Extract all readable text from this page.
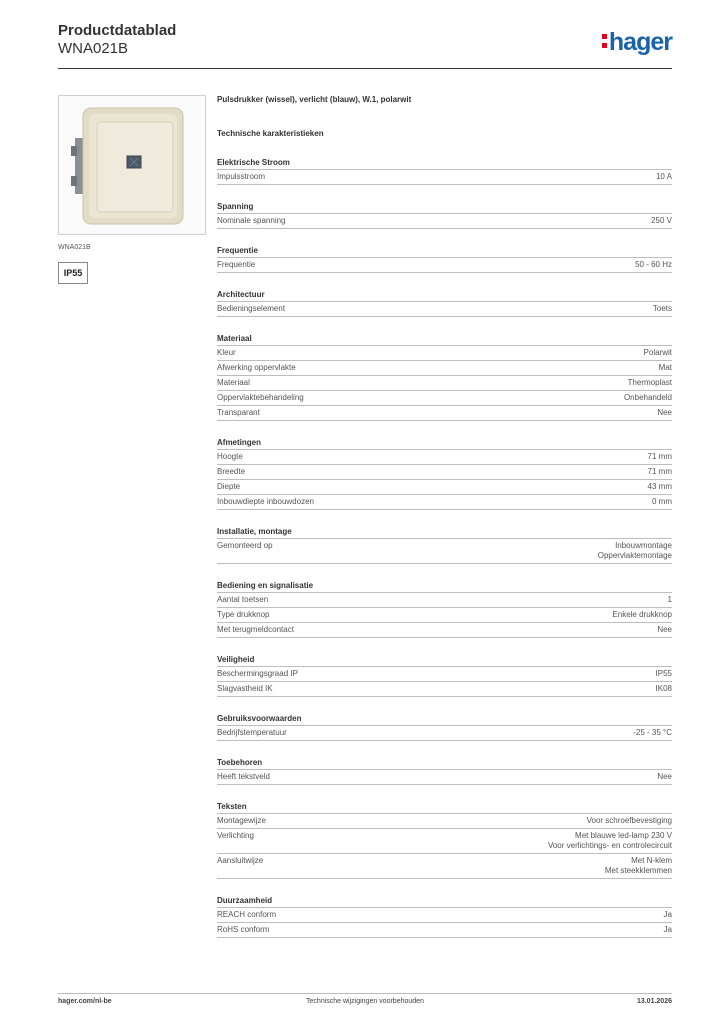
Productdatablad
WNA021B	hager
WNA021B
IP55
Pulsdrukker (wissel), verlicht (blauw), W.1, polarwit
Technische karakteristieken
Elektrische Stroom
Impulsstroom	10 A
Spanning
Nominale spanning	250 V
Frequentie
Frequentie	50 - 60 Hz
Architectuur
Bedieningselement	Toets
Materiaal
Kleur	Polarwit
Afwerking oppervlakte	Mat
Materiaal	Thermoplast
Oppervlaktebehandeling	Onbehandeld
Transparant	Nee
Afmetingen
Hoogte	71 mm
Breedte	71 mm
Diepte	43 mm
Inbouwdiepte inbouwdozen	0 mm
Installatie, montage
Gemonteerd op	Inbouwmontage
Oppervlaktemontage
Bediening en signalisatie
Aantal toetsen	1
Type drukknop	Enkele drukknop
Met terugmeldcontact	Nee
Veiligheid
Beschermingsgraad IP	IP55
Slagvastheid IK	IK08
Gebruiksvoorwaarden
Bedrijfstemperatuur	-25 - 35 °C
Toebehoren
Heeft tekstveld	Nee
Teksten
Montagewijze	Voor schroefbevestiging
Verlichting	Met blauwe led-lamp 230 V
Voor verlichtings- en controlecircuit
Aansluitwijze	Met N-klem
Met steekklemmen
Duurzaamheid
REACH conform	Ja
RoHS conform	Ja
hager.com/nl-be	Technische wijzigingen voorbehouden	13.01.2026
